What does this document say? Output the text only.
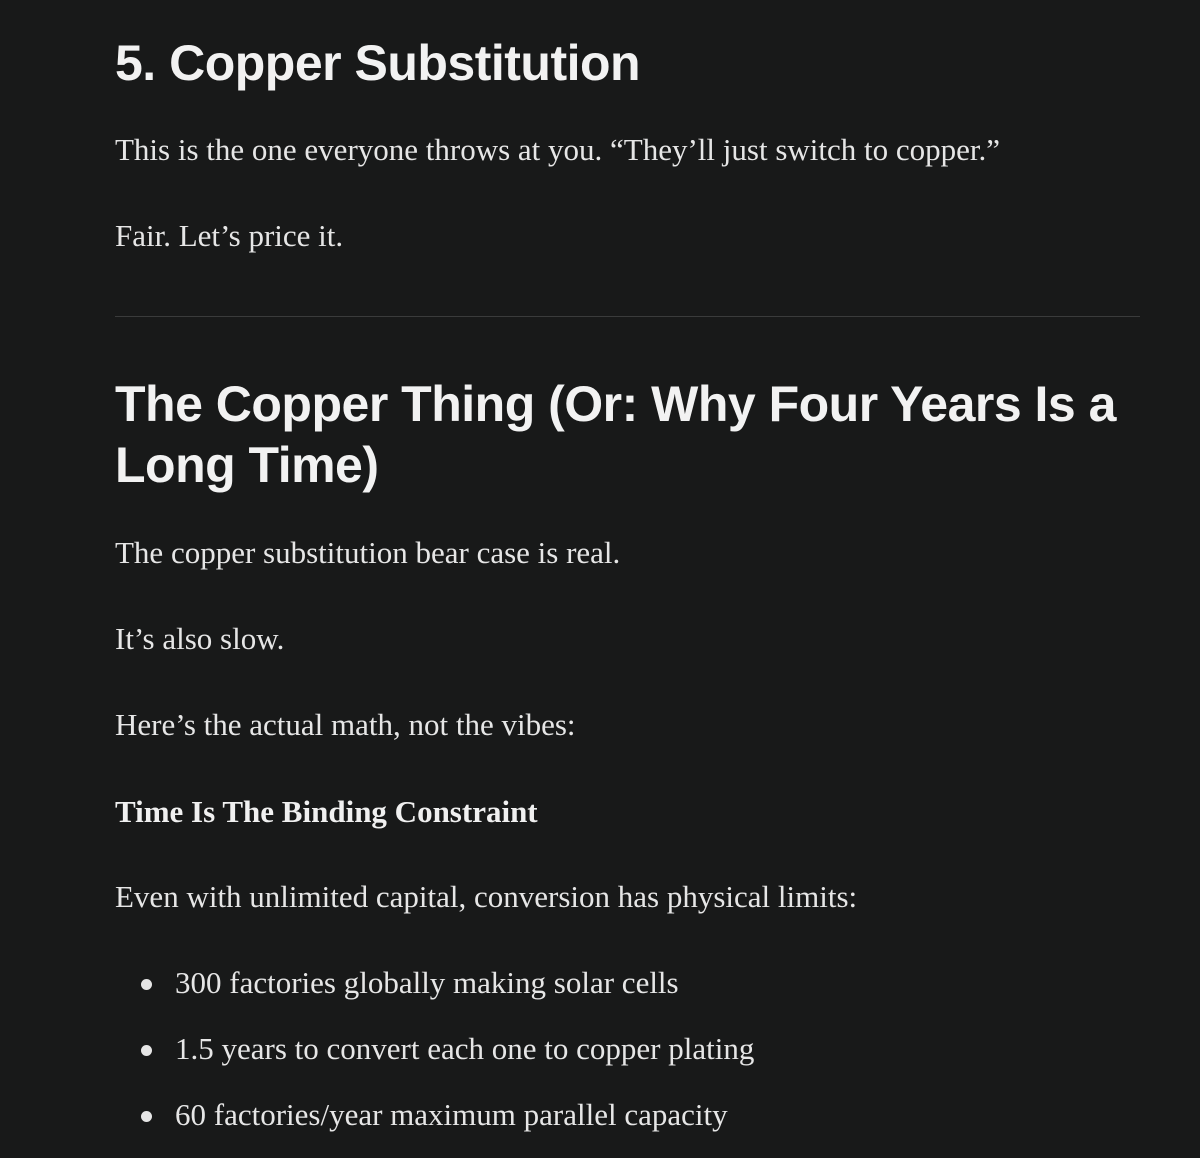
5. Copper Substitution

This is the one everyone throws at you. “They’ll just switch to copper.”

Fair. Let’s price it.

The Copper Thing (Or: Why Four Years Is a Long Time)

The copper substitution bear case is real.

It’s also slow.

Here’s the actual math, not the vibes:

Time Is The Binding Constraint

Even with unlimited capital, conversion has physical limits:

300 factories globally making solar cells
1.5 years to convert each one to copper plating
60 factories/year maximum parallel capacity
